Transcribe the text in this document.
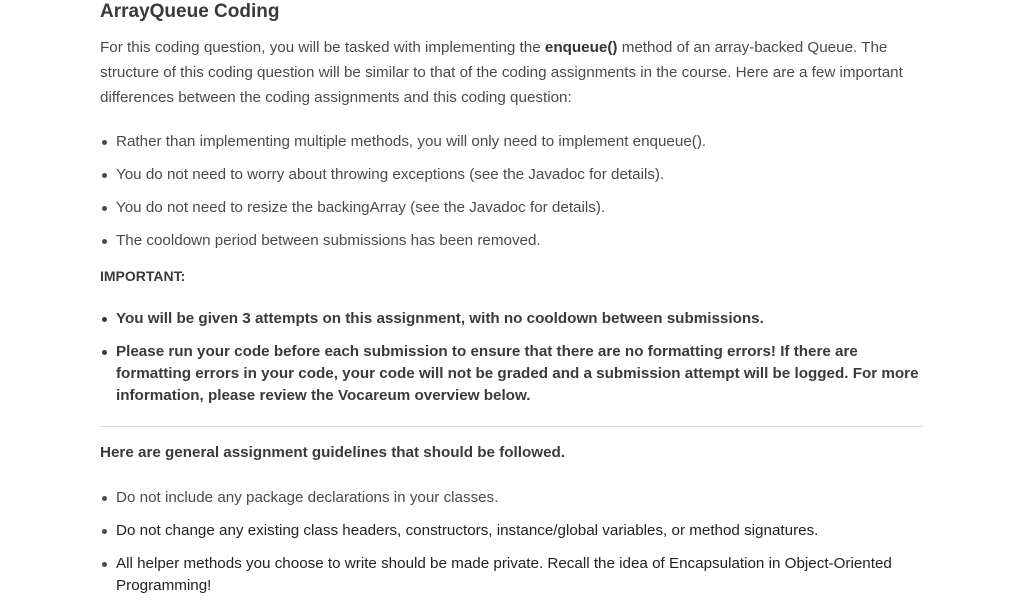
ArrayQueue Coding

For this coding question, you will be tasked with implementing the enqueue() method of an array-backed Queue. The structure of this coding question will be similar to that of the coding assignments in the course. Here are a few important differences between the coding assignments and this coding question:

Rather than implementing multiple methods, you will only need to implement enqueue().
You do not need to worry about throwing exceptions (see the Javadoc for details).
You do not need to resize the backingArray (see the Javadoc for details).
The cooldown period between submissions has been removed.
IMPORTANT:
You will be given 3 attempts on this assignment, with no cooldown between submissions.
Please run your code before each submission to ensure that there are no formatting errors! If there are formatting errors in your code, your code will not be graded and a submission attempt will be logged. For more information, please review the Vocareum overview below.
Here are general assignment guidelines that should be followed.
Do not include any package declarations in your classes.
Do not change any existing class headers, constructors, instance/global variables, or method signatures.
All helper methods you choose to write should be made private. Recall the idea of Encapsulation in Object-Oriented Programming!
